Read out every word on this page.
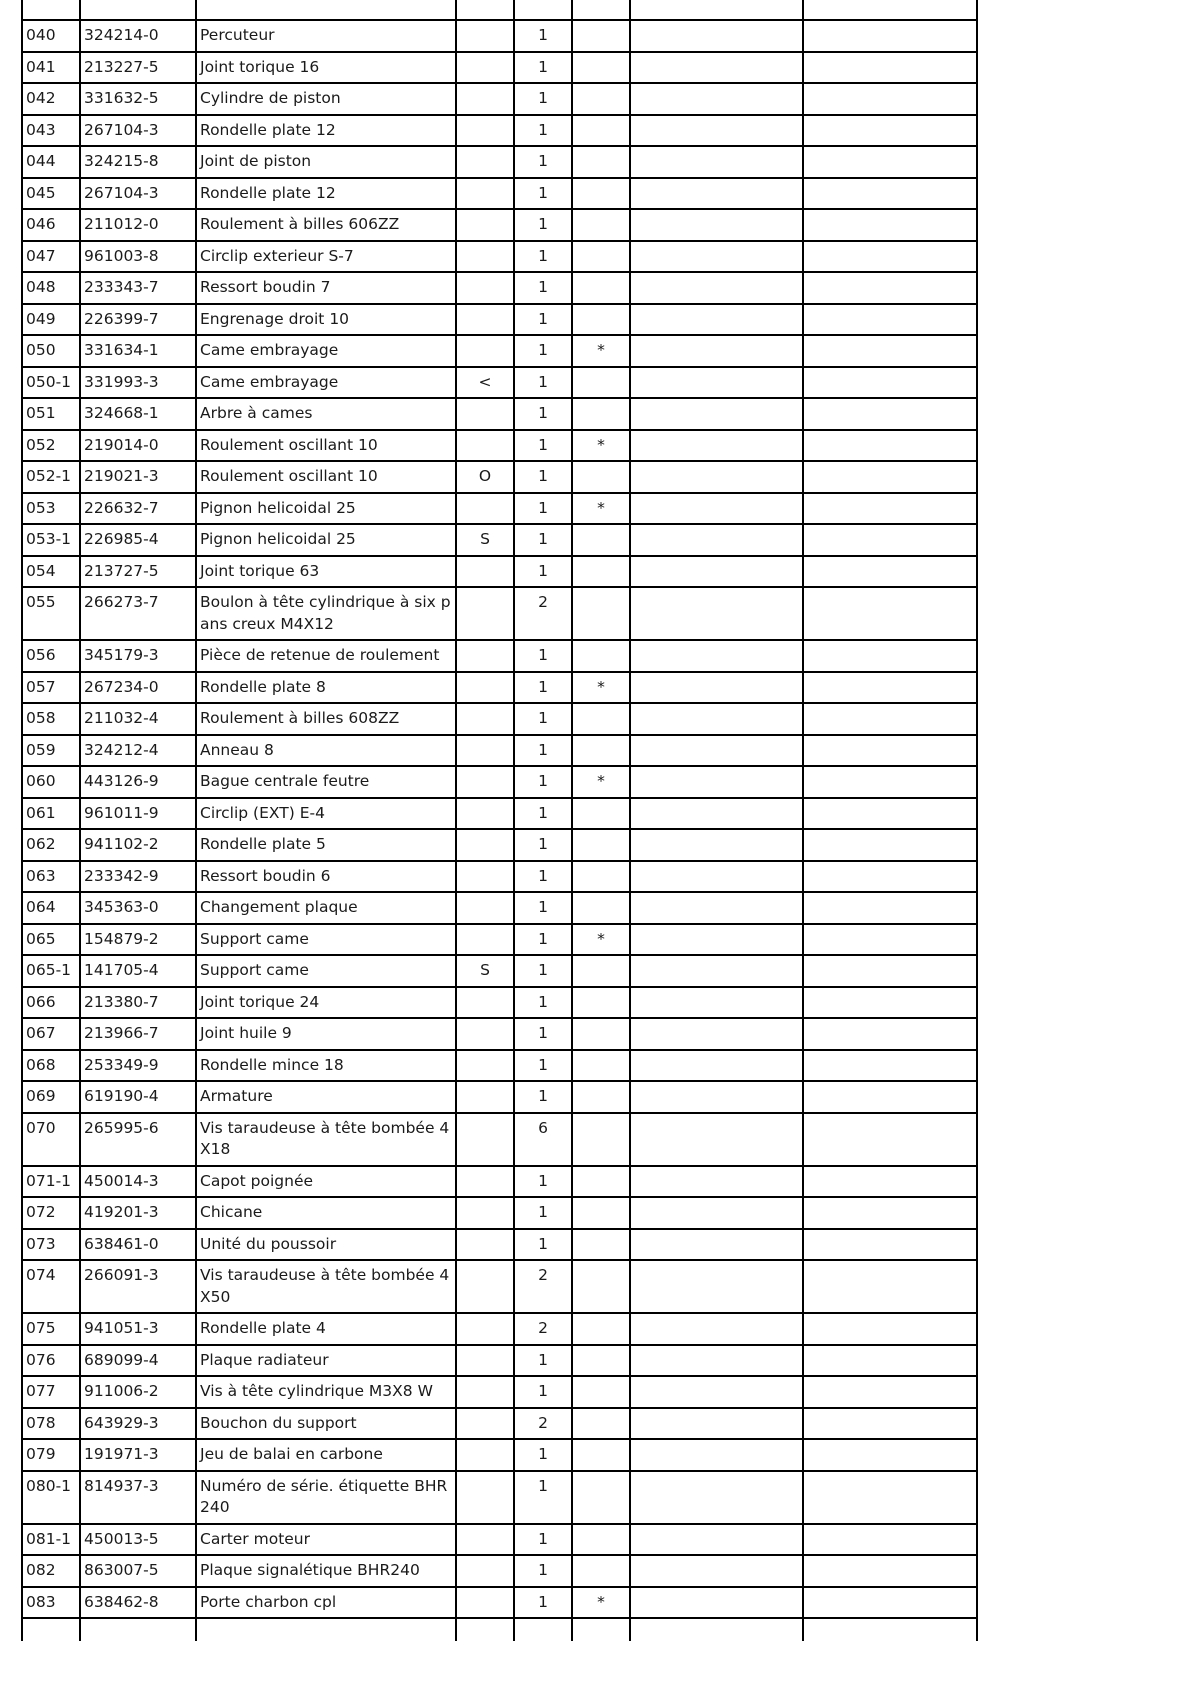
040	324214-0	Percuteur		1			
041	213227-5	Joint torique 16		1			
042	331632-5	Cylindre de piston		1			
043	267104-3	Rondelle plate 12		1			
044	324215-8	Joint de piston		1			
045	267104-3	Rondelle plate 12		1			
046	211012-0	Roulement à billes 606ZZ		1			
047	961003-8	Circlip exterieur S-7		1			
048	233343-7	Ressort boudin 7		1			
049	226399-7	Engrenage droit 10		1			
050	331634-1	Came embrayage		1	*		
050-1	331993-3	Came embrayage	<	1			
051	324668-1	Arbre à cames		1			
052	219014-0	Roulement oscillant 10		1	*		
052-1	219021-3	Roulement oscillant 10	O	1			
053	226632-7	Pignon helicoidal 25		1	*		
053-1	226985-4	Pignon helicoidal 25	S	1			
054	213727-5	Joint torique 63		1			
055	266273-7	Boulon à tête cylindrique à six pans creux M4X12		2			
056	345179-3	Pièce de retenue de roulement		1			
057	267234-0	Rondelle plate 8		1	*		
058	211032-4	Roulement à billes 608ZZ		1			
059	324212-4	Anneau 8		1			
060	443126-9	Bague centrale feutre		1	*		
061	961011-9	Circlip (EXT) E-4		1			
062	941102-2	Rondelle plate 5		1			
063	233342-9	Ressort boudin 6		1			
064	345363-0	Changement plaque		1			
065	154879-2	Support came		1	*		
065-1	141705-4	Support came	S	1			
066	213380-7	Joint torique 24		1			
067	213966-7	Joint huile 9		1			
068	253349-9	Rondelle mince 18		1			
069	619190-4	Armature		1			
070	265995-6	Vis taraudeuse à tête bombée 4X18		6			
071-1	450014-3	Capot poignée		1			
072	419201-3	Chicane		1			
073	638461-0	Unité du poussoir		1			
074	266091-3	Vis taraudeuse à tête bombée 4X50		2			
075	941051-3	Rondelle plate 4		2			
076	689099-4	Plaque radiateur		1			
077	911006-2	Vis à tête cylindrique M3X8 W		1			
078	643929-3	Bouchon du support		2			
079	191971-3	Jeu de balai en carbone		1			
080-1	814937-3	Numéro de série. étiquette BHR240		1			
081-1	450013-5	Carter moteur		1			
082	863007-5	Plaque signalétique BHR240		1			
083	638462-8	Porte charbon cpl		1	*		
